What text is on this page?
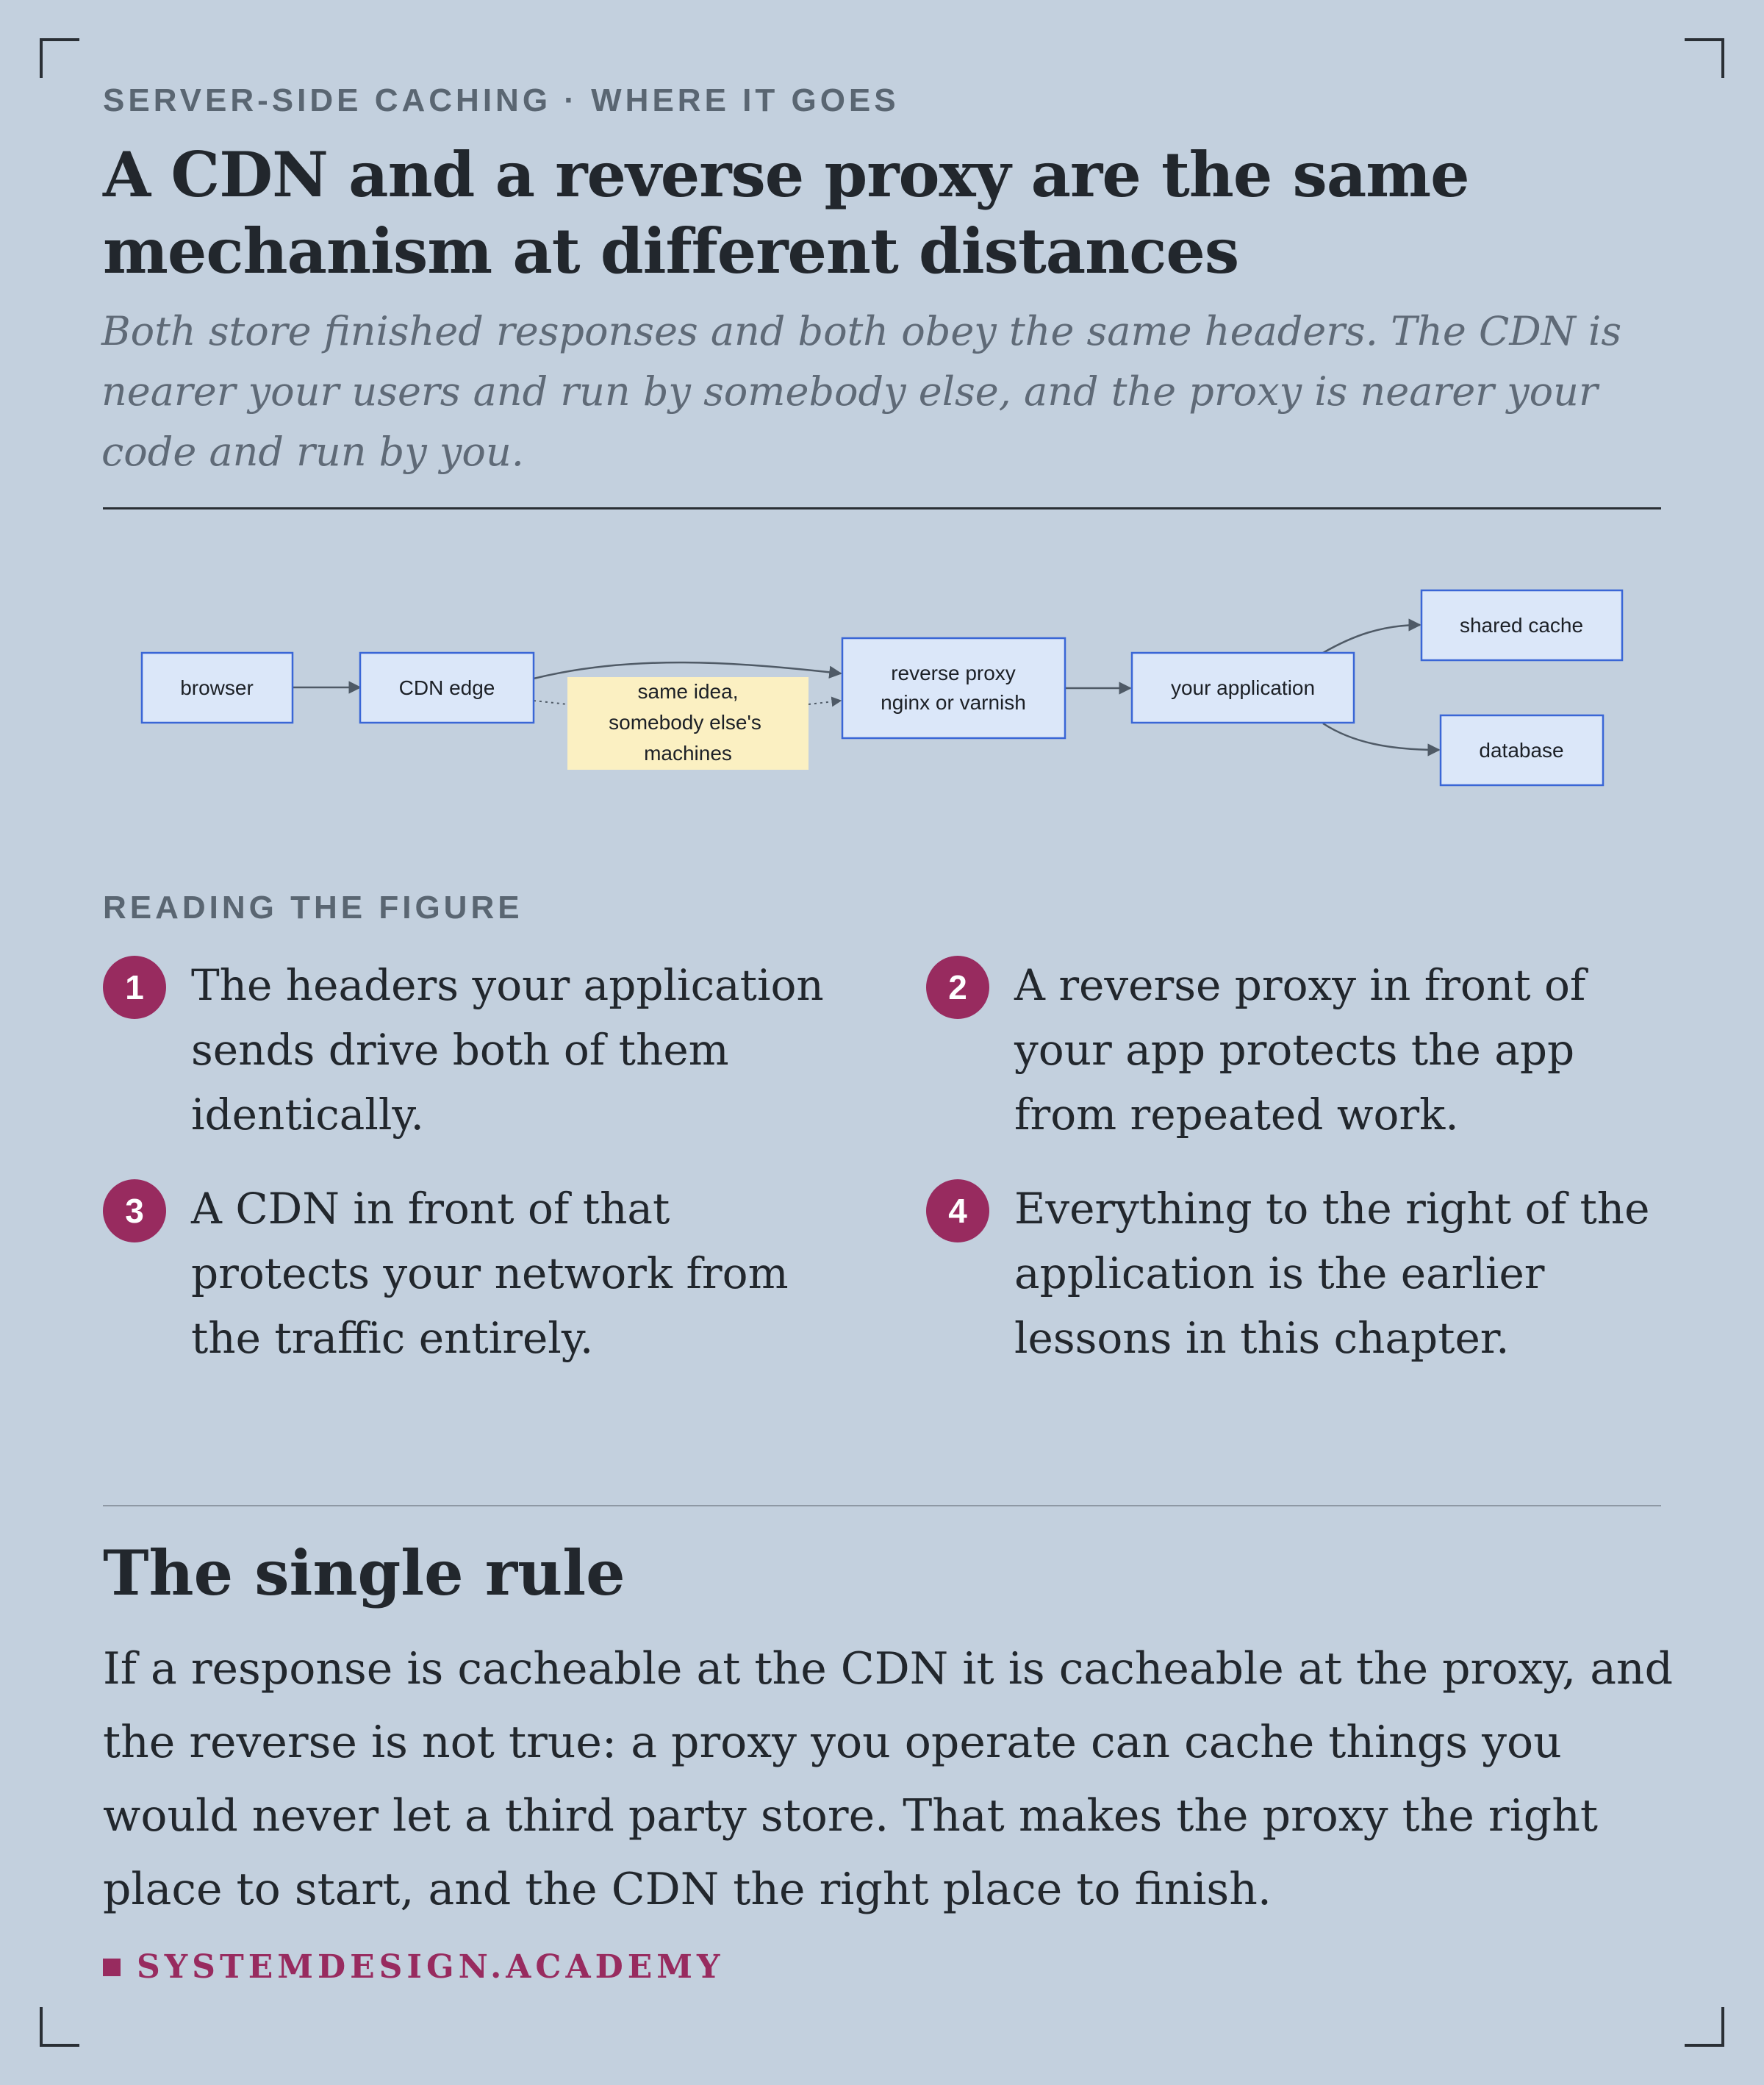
SERVER-SIDE CACHING · WHERE IT GOES
A CDN and a reverse proxy are the same mechanism at different distances

Both store finished responses and both obey the same headers. The CDN is nearer your users and run by somebody else, and the proxy is nearer your code and run by you.

browser	CDN edge	same idea,
somebody else's
machines
reverse proxy
nginx or varnish
your application
shared cache
database
READING THE FIGURE
1	The headers your application sends drive both of them identically.
2	A reverse proxy in front of your app protects the app from repeated work.
3	A CDN in front of that protects your network from the traffic entirely.
4	Everything to the right of the application is the earlier lessons in this chapter.
The single rule

If a response is cacheable at the CDN it is cacheable at the proxy, and the reverse is not true: a proxy you operate can cache things you would never let a third party store. That makes the proxy the right place to start, and the CDN the right place to finish.

SYSTEMDESIGN.ACADEMY
